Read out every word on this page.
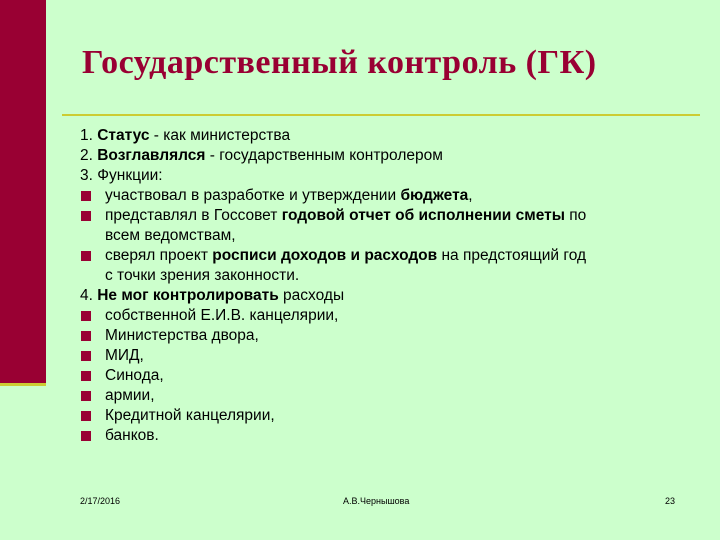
Государственный контроль (ГК)
1. Статус - как министерства
2. Возглавлялся - государственным контролером
3. Функции:
участвовал в разработке и утверждении бюджета,
представлял в Госсовет годовой отчет об исполнении сметы по
всем ведомствам,
сверял проект росписи доходов и расходов на предстоящий год
с точки зрения законности.
4. Не мог контролировать расходы
собственной Е.И.В. канцелярии,
Министерства двора,
МИД,
Синода,
армии,
Кредитной канцелярии,
банков.
2/17/2016	А.В.Чернышова	23
